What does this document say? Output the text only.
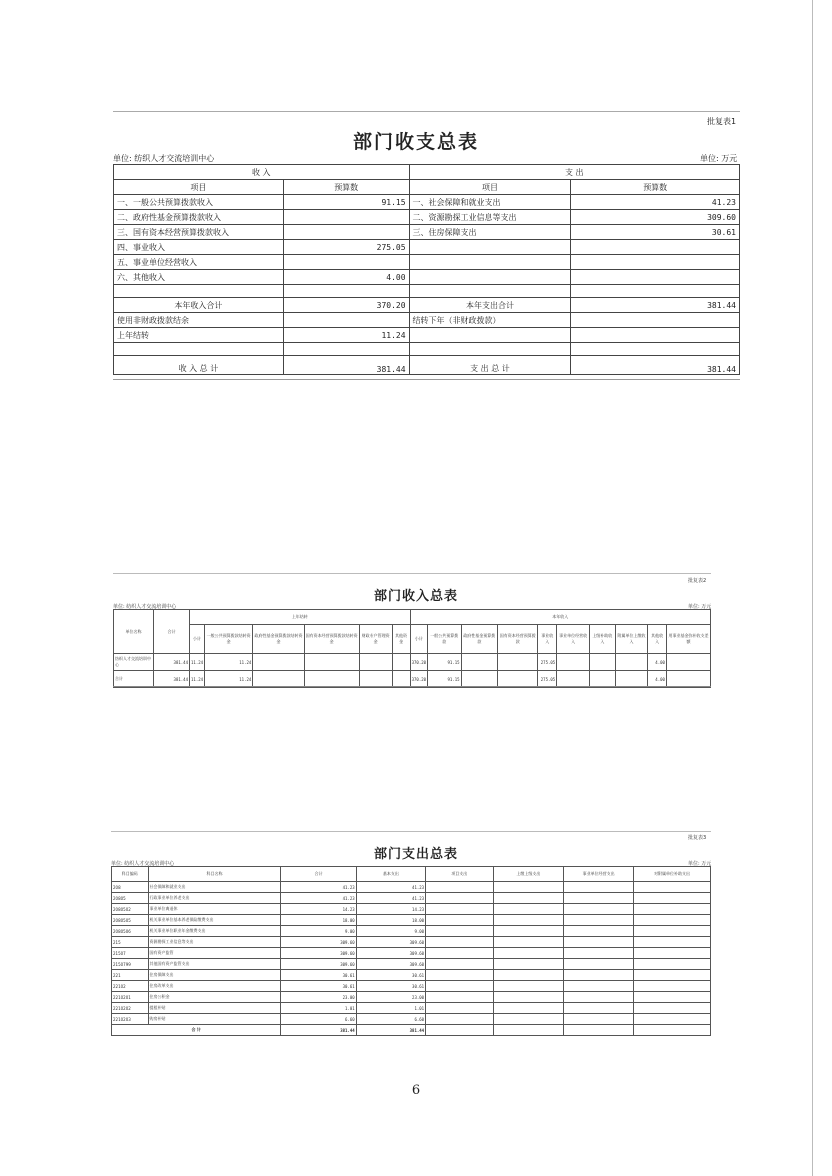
批复表1
部门收支总表
单位: 纺织人才交流培训中心	单位: 万元
收 入		支 出	
项目	预算数	项目	预算数
一、一般公共预算拨款收入	91.15	一、社会保障和就业支出	41.23
二、政府性基金预算拨款收入		二、资源勘探工业信息等支出	309.60
三、国有资本经营预算拨款收入		三、住房保障支出	30.61
四、事业收入	275.05		
五、事业单位经营收入			
六、其他收入	4.00		

本年收入合计	370.20	本年支出合计	381.44
使用非财政拨款结余		结转下年（非财政拨款）	
上年结转	11.24		

收 入 总 计	381.44	支 出 总 计	381.44
批复表2
部门收入总表
单位: 纺织人才交流培训中心	单位: 万元
单位名称	合计	上年结转						本年收入									
		小计	一般公共预算拨款结转资金	政府性基金预算拨款结转资金	国有资本经营预算拨款结转资金	财政专户管理资金	其他资金	小计	一般公共预算拨款	政府性基金预算拨款	国有资本经营预算拨款	事业收入	事业单位经营收入	上级补助收入	附属单位上缴收入	其他收入	用事业基金弥补收支差额
纺织人才交流培训中心	381.44	11.24	11.24					370.20	91.15			275.05				4.00	
合计	381.44	11.24	11.24					370.20	91.15			275.05				4.00	
批复表3
部门支出总表
单位: 纺织人才交流培训中心	单位: 万元
科目编码	科目名称	合计	基本支出	项目支出	上缴上级支出	事业单位经营支出	对附属单位补助支出
208	社会保障和就业支出	41.23	41.23				
20805	行政事业单位养老支出	41.23	41.23				
2080502	事业单位离退休	14.23	14.23				
2080505	机关事业单位基本养老保险缴费支出	18.00	18.00				
2080506	机关事业单位职业年金缴费支出	9.00	9.00				
215	资源勘探工业信息等支出	309.60	309.60				
21507	国有资产监管	309.60	309.60				
2150799	其他国有资产监管支出	309.60	309.60				
221	住房保障支出	30.61	30.61				
22102	住房改革支出	30.61	30.61				
2210201	住房公积金	23.00	23.00				
2210202	提租补贴	1.01	1.01				
2210203	购房补贴	6.60	6.60				
合 计		381.44	381.44				
6
